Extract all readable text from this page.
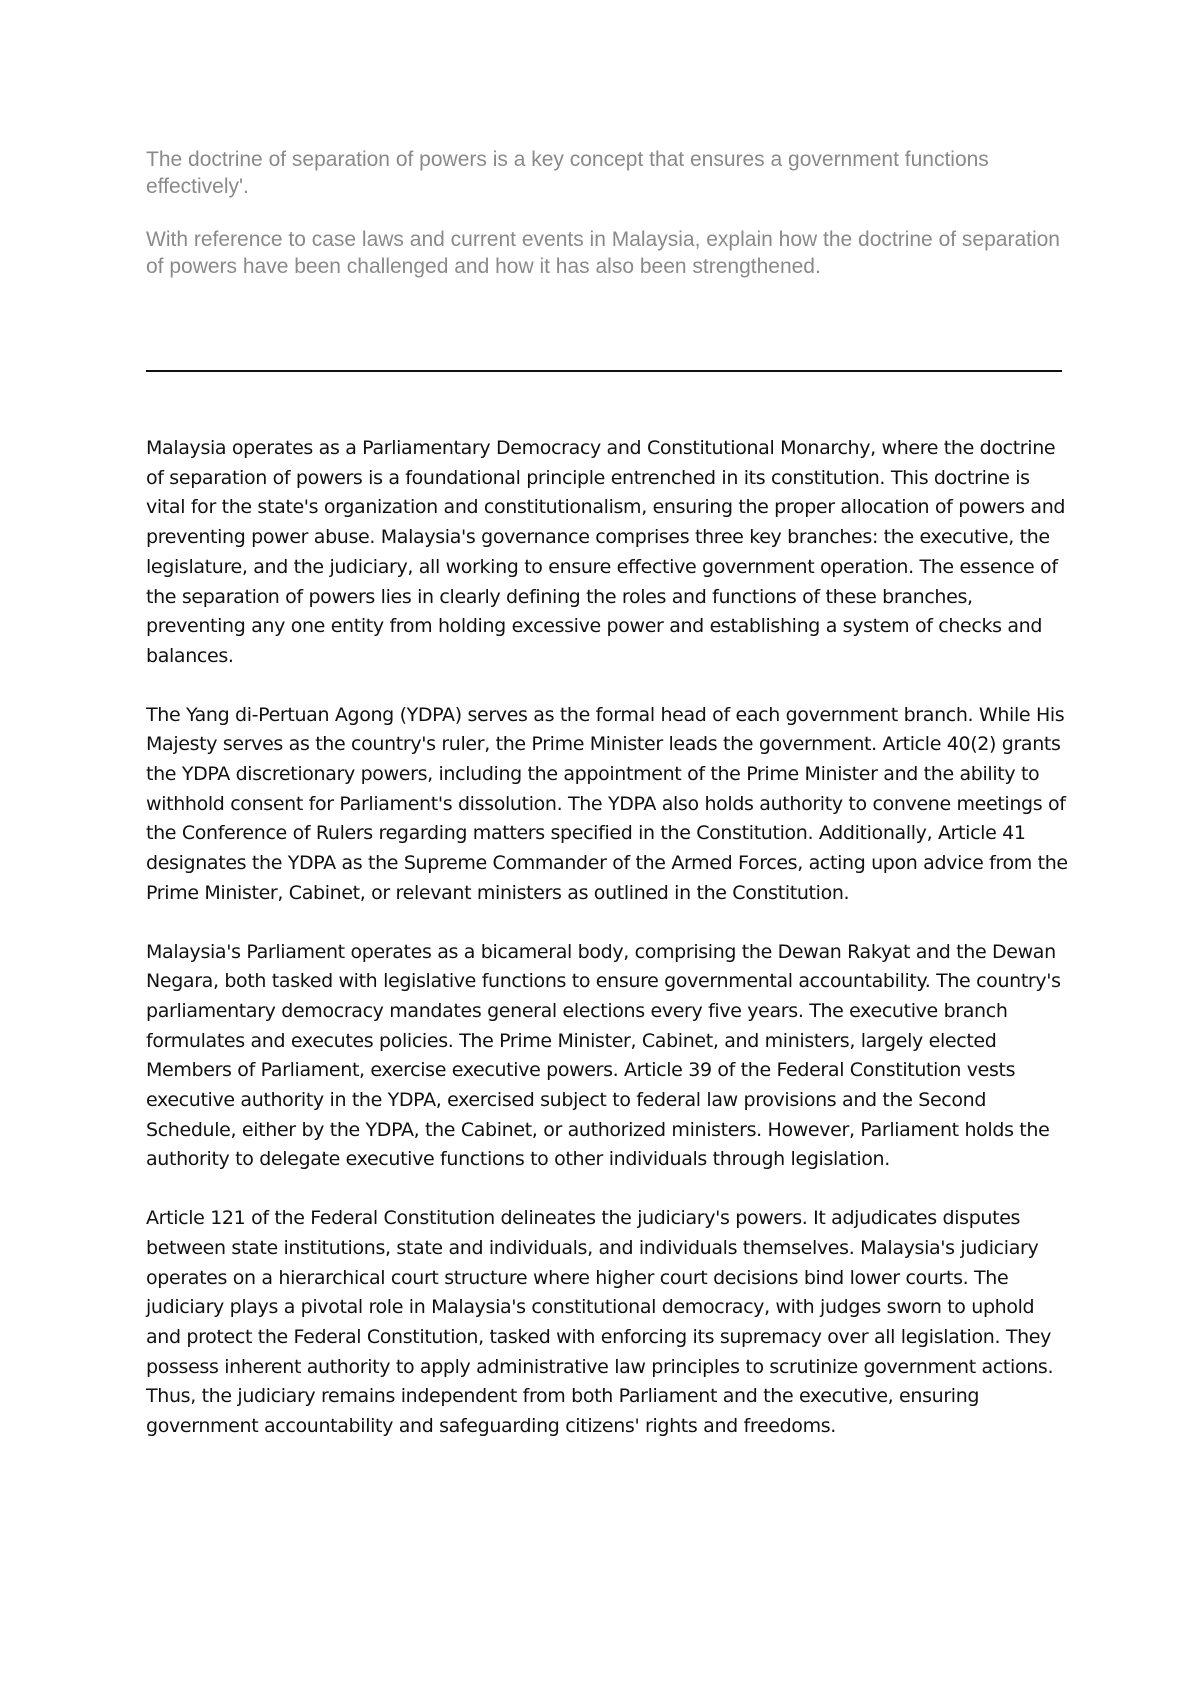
The doctrine of separation of powers is a key concept that ensures a government functions effectively'.

With reference to case laws and current events in Malaysia, explain how the doctrine of separation of powers have been challenged and how it has also been strengthened.

Malaysia operates as a Parliamentary Democracy and Constitutional Monarchy, where the doctrine of separation of powers is a foundational principle entrenched in its constitution. This doctrine is vital for the state's organization and constitutionalism, ensuring the proper allocation of powers and preventing power abuse. Malaysia's governance comprises three key branches: the executive, the legislature, and the judiciary, all working to ensure effective government operation. The essence of the separation of powers lies in clearly defining the roles and functions of these branches, preventing any one entity from holding excessive power and establishing a system of checks and balances.

The Yang di-Pertuan Agong (YDPA) serves as the formal head of each government branch. While His Majesty serves as the country's ruler, the Prime Minister leads the government. Article 40(2) grants the YDPA discretionary powers, including the appointment of the Prime Minister and the ability to withhold consent for Parliament's dissolution. The YDPA also holds authority to convene meetings of the Conference of Rulers regarding matters specified in the Constitution. Additionally, Article 41 designates the YDPA as the Supreme Commander of the Armed Forces, acting upon advice from the Prime Minister, Cabinet, or relevant ministers as outlined in the Constitution.

Malaysia's Parliament operates as a bicameral body, comprising the Dewan Rakyat and the Dewan Negara, both tasked with legislative functions to ensure governmental accountability. The country's parliamentary democracy mandates general elections every five years. The executive branch formulates and executes policies. The Prime Minister, Cabinet, and ministers, largely elected Members of Parliament, exercise executive powers. Article 39 of the Federal Constitution vests executive authority in the YDPA, exercised subject to federal law provisions and the Second Schedule, either by the YDPA, the Cabinet, or authorized ministers. However, Parliament holds the authority to delegate executive functions to other individuals through legislation.

Article 121 of the Federal Constitution delineates the judiciary's powers. It adjudicates disputes between state institutions, state and individuals, and individuals themselves. Malaysia's judiciary operates on a hierarchical court structure where higher court decisions bind lower courts. The judiciary plays a pivotal role in Malaysia's constitutional democracy, with judges sworn to uphold and protect the Federal Constitution, tasked with enforcing its supremacy over all legislation. They possess inherent authority to apply administrative law principles to scrutinize government actions. Thus, the judiciary remains independent from both Parliament and the executive, ensuring government accountability and safeguarding citizens' rights and freedoms.
